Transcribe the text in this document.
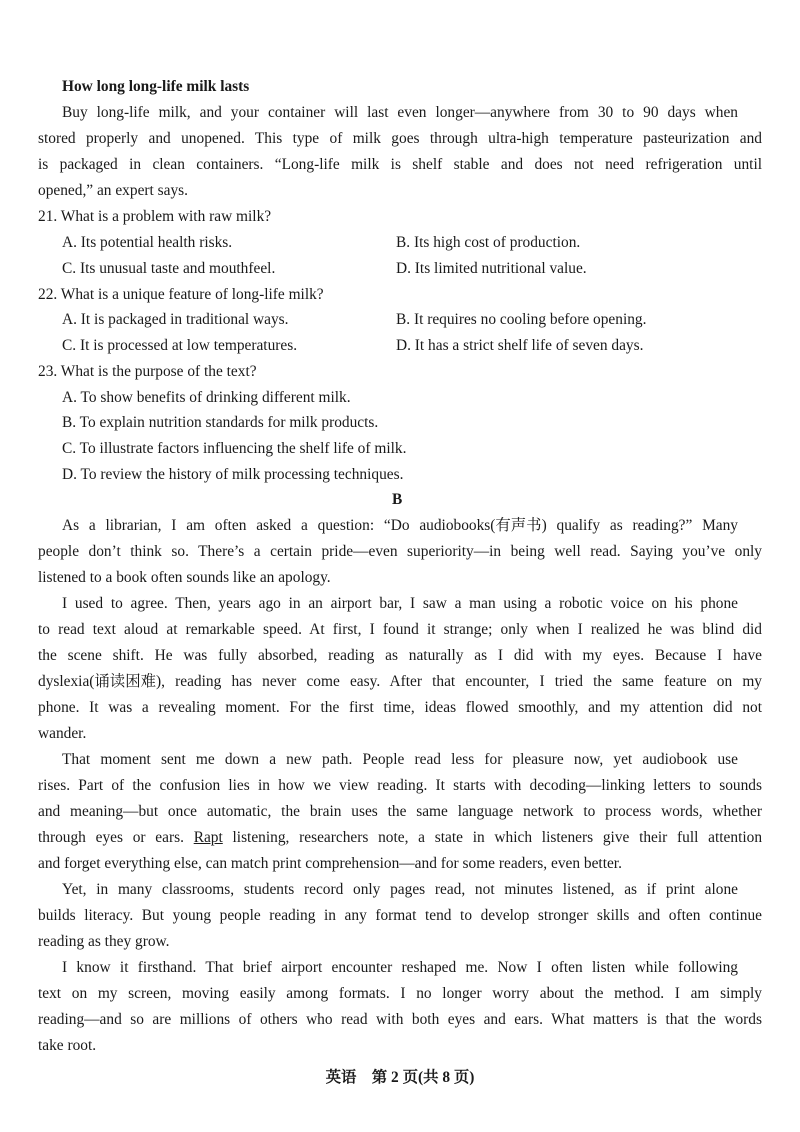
How long long-life milk lasts
Buy long-life milk, and your container will last even longer—anywhere from 30 to 90 days when
stored properly and unopened. This type of milk goes through ultra-high temperature pasteurization and
is packaged in clean containers. “Long-life milk is shelf stable and does not need refrigeration until
opened,” an expert says.
21. What is a problem with raw milk?
A. Its potential health risks.	B. Its high cost of production.
C. Its unusual taste and mouthfeel.	D. Its limited nutritional value.
22. What is a unique feature of long-life milk?
A. It is packaged in traditional ways.	B. It requires no cooling before opening.
C. It is processed at low temperatures.	D. It has a strict shelf life of seven days.
23. What is the purpose of the text?
A. To show benefits of drinking different milk.
B. To explain nutrition standards for milk products.
C. To illustrate factors influencing the shelf life of milk.
D. To review the history of milk processing techniques.
B
As a librarian, I am often asked a question: “Do audiobooks(有声书) qualify as reading?” Many
people don’t think so. There’s a certain pride—even superiority—in being well read. Saying you’ve only
listened to a book often sounds like an apology.
I used to agree. Then, years ago in an airport bar, I saw a man using a robotic voice on his phone
to read text aloud at remarkable speed. At first, I found it strange; only when I realized he was blind did
the scene shift. He was fully absorbed, reading as naturally as I did with my eyes. Because I have
dyslexia(诵读困难), reading has never come easy. After that encounter, I tried the same feature on my
phone. It was a revealing moment. For the first time, ideas flowed smoothly, and my attention did not
wander.
That moment sent me down a new path. People read less for pleasure now, yet audiobook use
rises. Part of the confusion lies in how we view reading. It starts with decoding—linking letters to sounds
and meaning—but once automatic, the brain uses the same language network to process words, whether
through eyes or ears. Rapt listening, researchers note, a state in which listeners give their full attention
and forget everything else, can match print comprehension—and for some readers, even better.
Yet, in many classrooms, students record only pages read, not minutes listened, as if print alone
builds literacy. But young people reading in any format tend to develop stronger skills and often continue
reading as they grow.
I know it firsthand. That brief airport encounter reshaped me. Now I often listen while following
text on my screen, moving easily among formats. I no longer worry about the method. I am simply
reading—and so are millions of others who read with both eyes and ears. What matters is that the words
take root.
英语　第 2 页(共 8 页)
